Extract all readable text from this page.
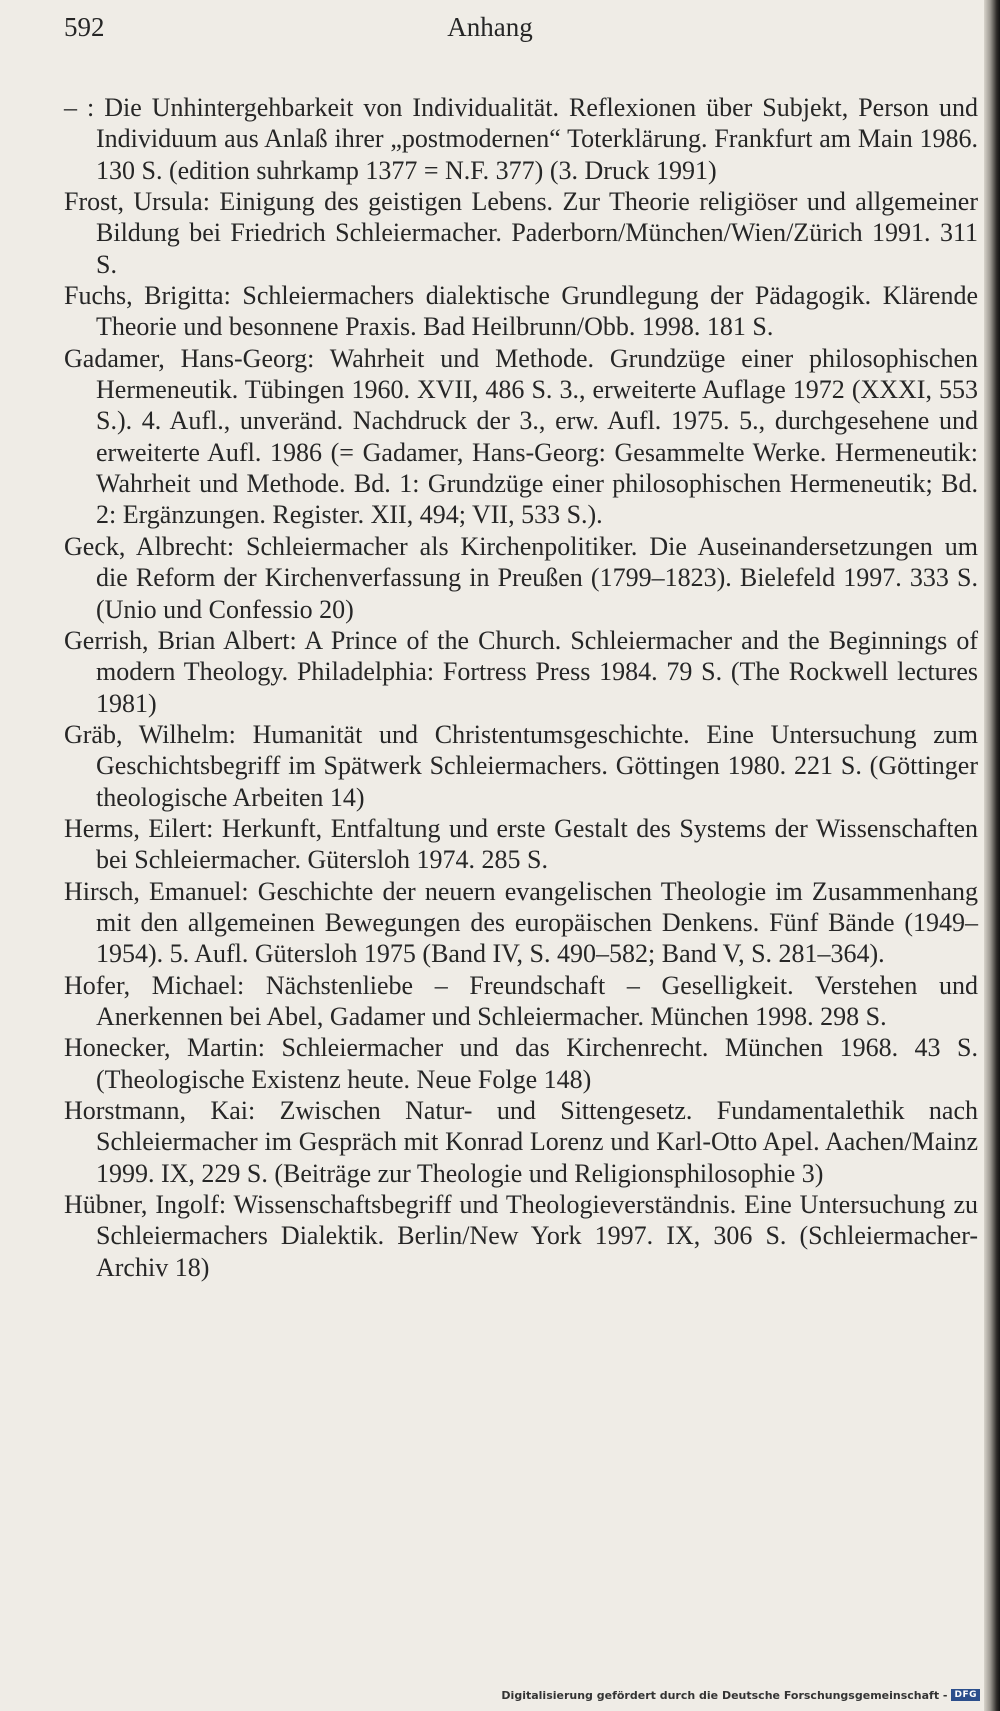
592	Anhang

– : Die Unhintergehbarkeit von Individualität. Reflexionen über Subjekt, Person und Individuum aus Anlaß ihrer „postmodernen“ Toterklärung. Frankfurt am Main 1986. 130 S. (edition suhrkamp 1377 = N.F. 377) (3. Druck 1991)

Frost, Ursula: Einigung des geistigen Lebens. Zur Theorie religiöser und allgemeiner Bildung bei Friedrich Schleiermacher. Paderborn/München/Wien/Zürich 1991. 311 S.

Fuchs, Brigitta: Schleiermachers dialektische Grundlegung der Pädagogik. Klärende Theorie und besonnene Praxis. Bad Heilbrunn/Obb. 1998. 181 S.

Gadamer, Hans-Georg: Wahrheit und Methode. Grundzüge einer philosophischen Hermeneutik. Tübingen 1960. XVII, 486 S. 3., erweiterte Auflage 1972 (XXXI, 553 S.). 4. Aufl., unveränd. Nachdruck der 3., erw. Aufl. 1975. 5., durchgesehene und erweiterte Aufl. 1986 (= Gadamer, Hans-Georg: Gesammelte Werke. Hermeneutik: Wahrheit und Methode. Bd. 1: Grundzüge einer philosophischen Hermeneutik; Bd. 2: Ergänzungen. Register. XII, 494; VII, 533 S.).

Geck, Albrecht: Schleiermacher als Kirchenpolitiker. Die Auseinandersetzungen um die Reform der Kirchenverfassung in Preußen (1799–1823). Bielefeld 1997. 333 S. (Unio und Confessio 20)

Gerrish, Brian Albert: A Prince of the Church. Schleiermacher and the Beginnings of modern Theology. Philadelphia: Fortress Press 1984. 79 S. (The Rockwell lectures 1981)

Gräb, Wilhelm: Humanität und Christentumsgeschichte. Eine Untersuchung zum Geschichtsbegriff im Spätwerk Schleiermachers. Göttingen 1980. 221 S. (Göttinger theologische Arbeiten 14)

Herms, Eilert: Herkunft, Entfaltung und erste Gestalt des Systems der Wissenschaften bei Schleiermacher. Gütersloh 1974. 285 S.

Hirsch, Emanuel: Geschichte der neuern evangelischen Theologie im Zusammenhang mit den allgemeinen Bewegungen des europäischen Denkens. Fünf Bände (1949–1954). 5. Aufl. Gütersloh 1975 (Band IV, S. 490–582; Band V, S. 281–364).

Hofer, Michael: Nächstenliebe – Freundschaft – Geselligkeit. Verstehen und Anerkennen bei Abel, Gadamer und Schleiermacher. München 1998. 298 S.

Honecker, Martin: Schleiermacher und das Kirchenrecht. München 1968. 43 S. (Theologische Existenz heute. Neue Folge 148)

Horstmann, Kai: Zwischen Natur- und Sittengesetz. Fundamentalethik nach Schleiermacher im Gespräch mit Konrad Lorenz und Karl-Otto Apel. Aachen/Mainz 1999. IX, 229 S. (Beiträge zur Theologie und Religionsphilosophie 3)

Hübner, Ingolf: Wissenschaftsbegriff und Theologieverständnis. Eine Untersuchung zu Schleiermachers Dialektik. Berlin/New York 1997. IX, 306 S. (Schleiermacher-Archiv 18)

Digitalisierung gefördert durch die Deutsche Forschungsgemeinschaft - DFG
